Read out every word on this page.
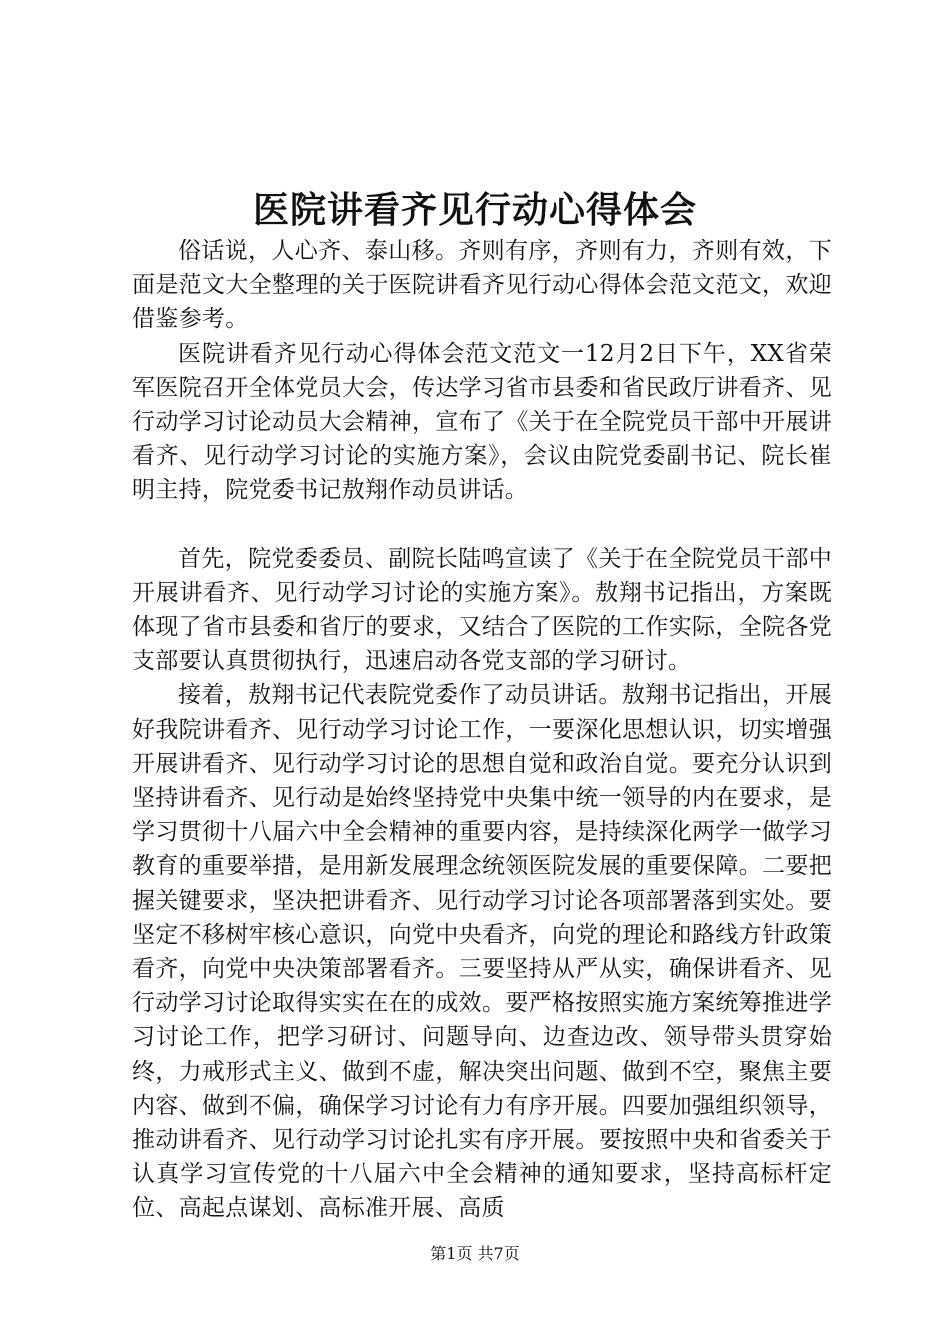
医院讲看齐见行动心得体会

俗话说，人心齐、泰山移。齐则有序，齐则有力，齐则有效，下面是范文大全整理的关于医院讲看齐见行动心得体会范文范文，欢迎借鉴参考。

医院讲看齐见行动心得体会范文范文一12月2日下午，XX省荣军医院召开全体党员大会，传达学习省市县委和省民政厅讲看齐、见行动学习讨论动员大会精神，宣布了《关于在全院党员干部中开展讲看齐、见行动学习讨论的实施方案》，会议由院党委副书记、院长崔明主持，院党委书记敖翔作动员讲话。

首先，院党委委员、副院长陆鸣宣读了《关于在全院党员干部中开展讲看齐、见行动学习讨论的实施方案》。敖翔书记指出，方案既体现了省市县委和省厅的要求，又结合了医院的工作实际，全院各党支部要认真贯彻执行，迅速启动各党支部的学习研讨。

接着，敖翔书记代表院党委作了动员讲话。敖翔书记指出，开展好我院讲看齐、见行动学习讨论工作，一要深化思想认识，切实增强开展讲看齐、见行动学习讨论的思想自觉和政治自觉。要充分认识到坚持讲看齐、见行动是始终坚持党中央集中统一领导的内在要求，是学习贯彻十八届六中全会精神的重要内容，是持续深化两学一做学习教育的重要举措，是用新发展理念统领医院发展的重要保障。二要把握关键要求，坚决把讲看齐、见行动学习讨论各项部署落到实处。要坚定不移树牢核心意识，向党中央看齐，向党的理论和路线方针政策看齐，向党中央决策部署看齐。三要坚持从严从实，确保讲看齐、见行动学习讨论取得实实在在的成效。要严格按照实施方案统筹推进学习讨论工作，把学习研讨、问题导向、边查边改、领导带头贯穿始终，力戒形式主义、做到不虚，解决突出问题、做到不空，聚焦主要内容、做到不偏，确保学习讨论有力有序开展。四要加强组织领导，推动讲看齐、见行动学习讨论扎实有序开展。要按照中央和省委关于认真学习宣传党的十八届六中全会精神的通知要求，坚持高标杆定位、高起点谋划、高标准开展、高质

第1页 共7页
